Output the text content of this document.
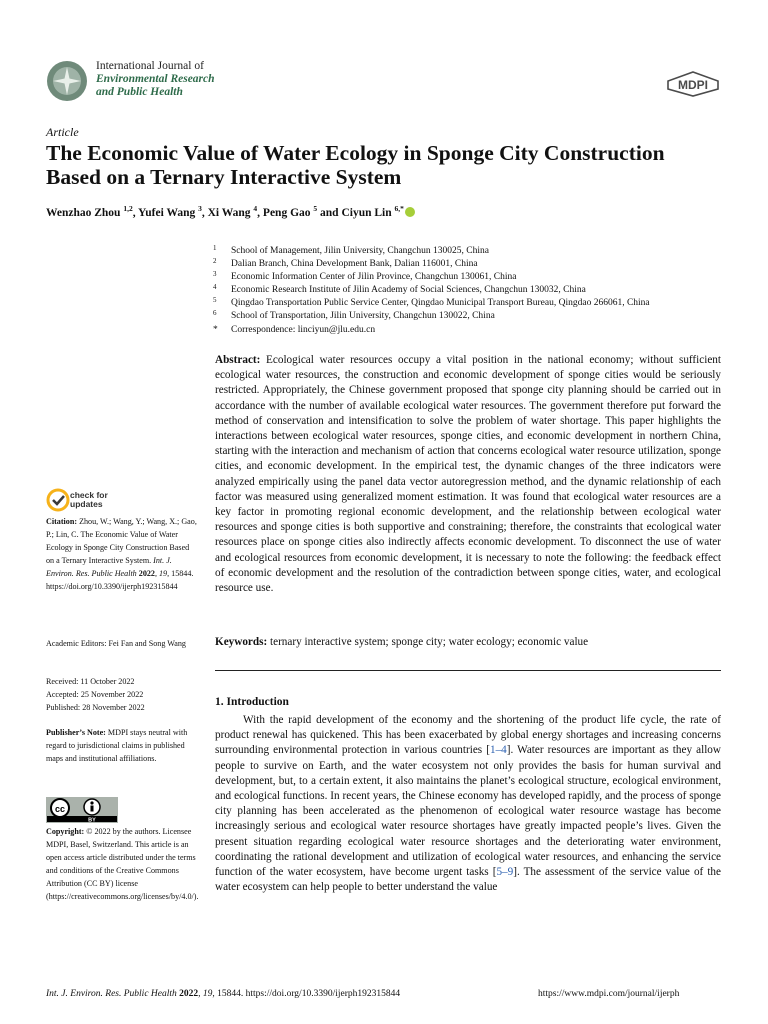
International Journal of
Environmental Research
and Public Health	MDPI
Article
The Economic Value of Water Ecology in Sponge City Construction Based on a Ternary Interactive System
Wenzhao Zhou $^{1,2}$, Yufei Wang $^3$, Xi Wang $^4$, Peng Gao $^5$ and Ciyun Lin $^{6,*}$
1 School of Management, Jilin University, Changchun 130025, China
2 Dalian Branch, China Development Bank, Dalian 116001, China
3 Economic Information Center of Jilin Province, Changchun 130061, China
4 Economic Research Institute of Jilin Academy of Social Sciences, Changchun 130032, China
5 Qingdao Transportation Public Service Center, Qingdao Municipal Transport Bureau, Qingdao 266061, China
6 School of Transportation, Jilin University, Changchun 130022, China
* Correspondence: linciyun@jlu.edu.cn
Abstract: Ecological water resources occupy a vital position in the national economy; without sufficient ecological water resources, the construction and economic development of sponge cities would be seriously restricted. Appropriately, the Chinese government proposed that sponge city planning should be carried out in accordance with the number of available ecological water resources. The government therefore put forward the method of conservation and intensification to solve the problem of water shortage. This paper highlights the interactions between ecological water resources, sponge cities, and economic development in northern China, starting with the interaction and mechanism of action that concerns ecological water resource utilization, sponge cities, and economic development. In the empirical test, the dynamic changes of the three indicators were analyzed empirically using the panel data vector autoregression method, and the dynamic relationship of each factor was measured using generalized moment estimation. It was found that ecological water resources are a key factor in promoting regional economic development, and the relationship between ecological water resources and sponge cities is both supportive and constraining; therefore, the constraints that ecological water resources place on sponge cities also indirectly affects economic development. To disconnect the use of water and ecological resources from economic development, it is necessary to note the following: the feedback effect of economic development and the resolution of the contradiction between sponge cities, water, and ecological resource use.
Keywords: ternary interactive system; sponge city; water ecology; economic value
1. Introduction

With the rapid development of the economy and the shortening of the product life cycle, the rate of product renewal has quickened. This has been exacerbated by global energy shortages and increasing concerns surrounding environmental protection in various countries [1–4]. Water resources are important as they allow people to survive on Earth, and the water ecosystem not only provides the basis for human survival and development, but, to a certain extent, it also maintains the planet’s ecological structure, ecological environment, and ecological functions. In recent years, the Chinese economy has developed rapidly, and the process of sponge city planning has been accelerated as the phenomenon of ecological water resource wastage has become increasingly serious and ecological water resource shortages have greatly impacted people’s lives. Given the present situation regarding ecological water resource shortages and the deteriorating water environment, coordinating the rational development and utilization of ecological water resources, and enhancing the service function of the water ecosystem, have become urgent tasks [5–9]. The assessment of the service value of the water ecosystem can help people to better understand the value

check for
updates
Citation: Zhou, W.; Wang, Y.; Wang, X.; Gao, P.; Lin, C. The Economic Value of Water Ecology in Sponge City Construction Based on a Ternary Interactive System. Int. J. Environ. Res. Public Health 2022, 19, 15844. https://doi.org/10.3390/ijerph192315844
Academic Editors: Fei Fan and Song Wang
Received: 11 October 2022
Accepted: 25 November 2022
Published: 28 November 2022
Publisher’s Note: MDPI stays neutral with regard to jurisdictional claims in published maps and institutional affiliations.
cc
BY
Copyright: © 2022 by the authors. Licensee MDPI, Basel, Switzerland. This article is an open access article distributed under the terms and conditions of the Creative Commons Attribution (CC BY) license (https://creativecommons.org/licenses/by/4.0/).
Int. J. Environ. Res. Public Health 2022, 19, 15844. https://doi.org/10.3390/ijerph192315844	https://www.mdpi.com/journal/ijerph
